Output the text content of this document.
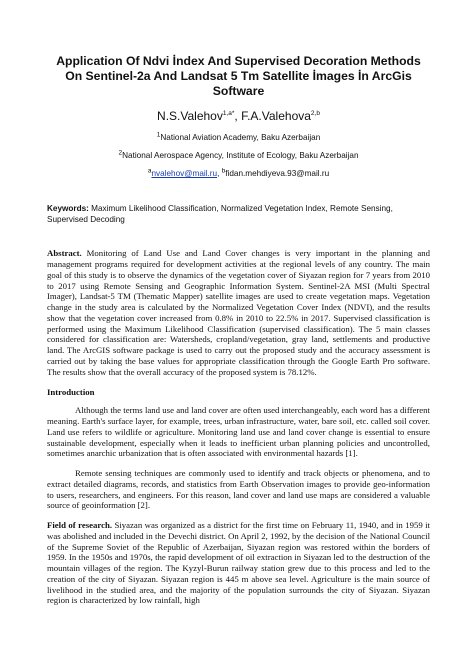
Application Of Ndvi İndex And Supervised Decoration Methods On Sentinel-2a And Landsat 5 Tm Satellite İmages İn ArcGis Software
N.S.Valehov$^{1,a*}$, F.A.Valehova$^{2,b}$
$^1$National Aviation Academy, Baku Azerbaijan
$^2$National Aerospace Agency, Institute of Ecology, Baku Azerbaijan
$^a$nvalehov@mail.ru, $^b$fidan.mehdiyeva.93@mail.ru
Keywords: Maximum Likelihood Classification, Normalized Vegetation Index, Remote Sensing, Supervised Decoding
Abstract. Monitoring of Land Use and Land Cover changes is very important in the planning and management programs required for development activities at the regional levels of any country. The main goal of this study is to observe the dynamics of the vegetation cover of Siyazan region for 7 years from 2010 to 2017 using Remote Sensing and Geographic Information System. Sentinel-2A MSI (Multi Spectral Imager), Landsat-5 TM (Thematic Mapper) satellite images are used to create vegetation maps. Vegetation change in the study area is calculated by the Normalized Vegetation Cover Index (NDVI), and the results show that the vegetation cover increased from 0.8% in 2010 to 22.5% in 2017. Supervised classification is performed using the Maximum Likelihood Classification (supervised classification). The 5 main classes considered for classification are: Watersheds, cropland/vegetation, gray land, settlements and productive land. The ArcGIS software package is used to carry out the proposed study and the accuracy assessment is carried out by taking the base values for appropriate classification through the Google Earth Pro software. The results show that the overall accuracy of the proposed system is 78.12%.
Introduction
Although the terms land use and land cover are often used interchangeably, each word has a different meaning. Earth's surface layer, for example, trees, urban infrastructure, water, bare soil, etc. called soil cover. Land use refers to wildlife or agriculture. Monitoring land use and land cover change is essential to ensure sustainable development, especially when it leads to inefficient urban planning policies and uncontrolled, sometimes anarchic urbanization that is often associated with environmental hazards [1].
Remote sensing techniques are commonly used to identify and track objects or phenomena, and to extract detailed diagrams, records, and statistics from Earth Observation images to provide geo-information to users, researchers, and engineers. For this reason, land cover and land use maps are considered a valuable source of geoinformation [2].
Field of research. Siyazan was organized as a district for the first time on February 11, 1940, and in 1959 it was abolished and included in the Devechi district. On April 2, 1992, by the decision of the National Council of the Supreme Soviet of the Republic of Azerbaijan, Siyazan region was restored within the borders of 1959. In the 1950s and 1970s, the rapid development of oil extraction in Siyazan led to the destruction of the mountain villages of the region. The Kyzyl-Burun railway station grew due to this process and led to the creation of the city of Siyazan. Siyazan region is 445 m above sea level. Agriculture is the main source of livelihood in the studied area, and the majority of the population surrounds the city of Siyazan. Siyazan region is characterized by low rainfall, high
